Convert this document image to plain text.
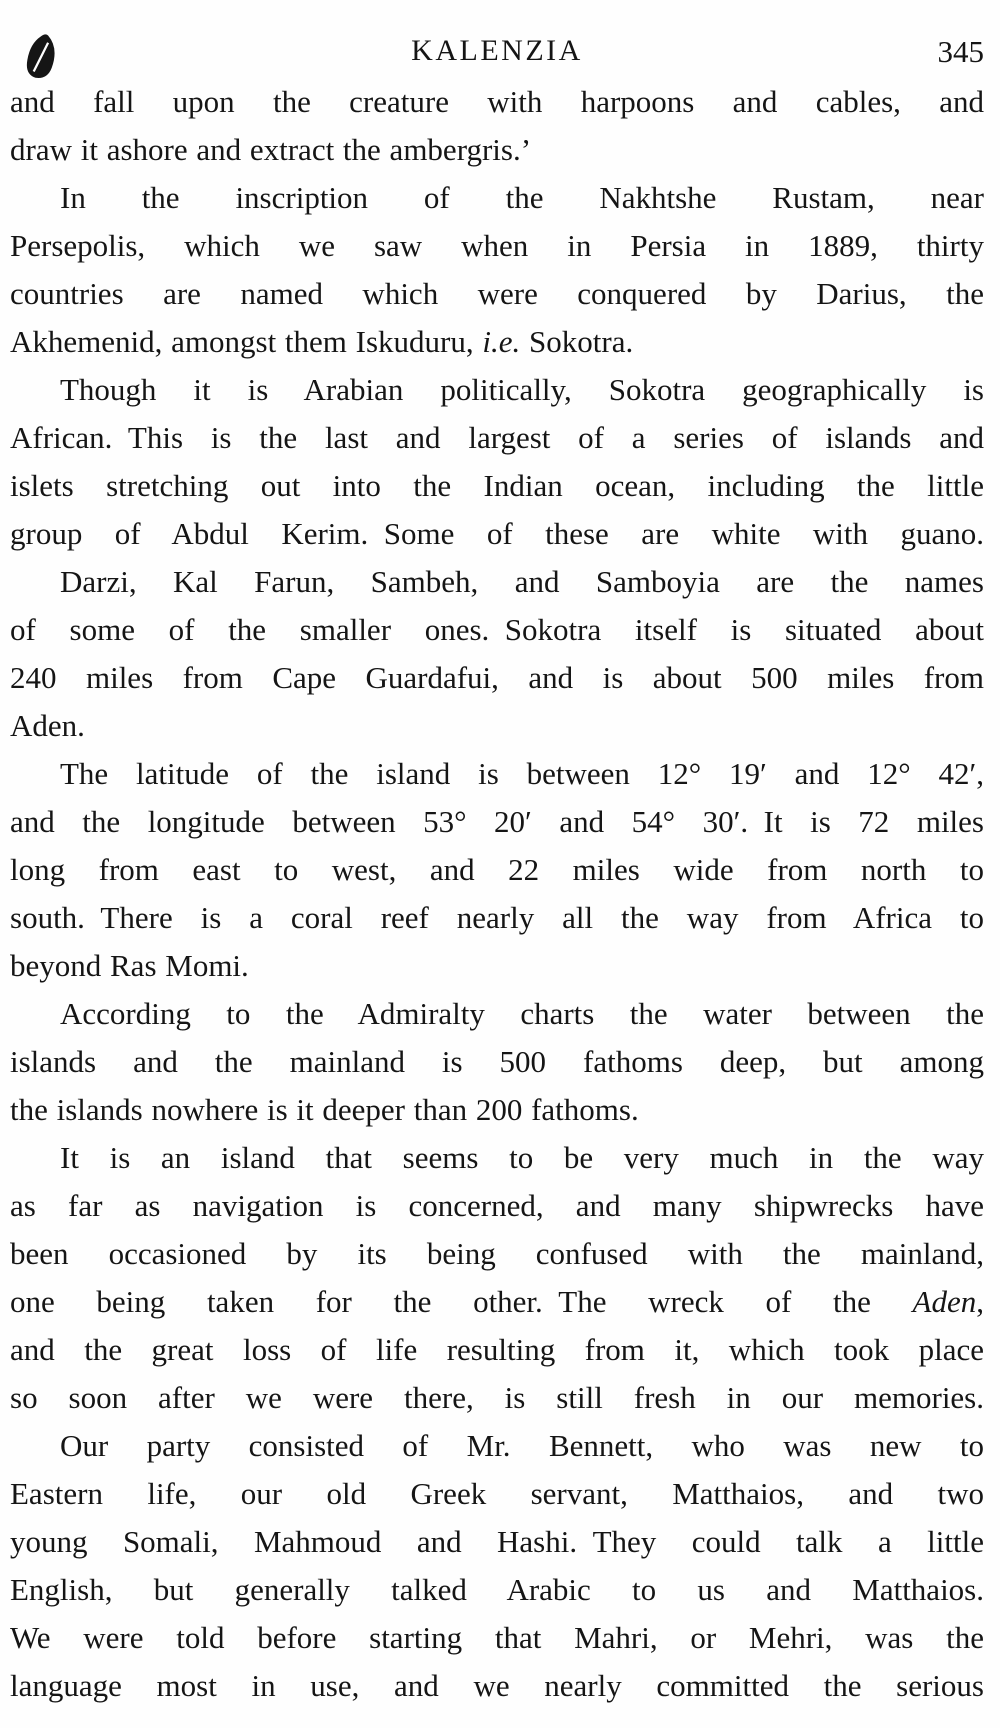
KALENZIA	345
and fall upon the creature with harpoons and cables, and
draw it ashore and extract the ambergris.’
In the inscription of the Nakhtshe Rustam, near
Persepolis, which we saw when in Persia in 1889, thirty
countries are named which were conquered by Darius, the
Akhemenid, amongst them Iskuduru, i.e. Sokotra.
Though it is Arabian politically, Sokotra geographically is
African. This is the last and largest of a series of islands and
islets stretching out into the Indian ocean, including the little
group of Abdul Kerim. Some of these are white with guano.
Darzi, Kal Farun, Sambeh, and Samboyia are the names
of some of the smaller ones. Sokotra itself is situated about
240 miles from Cape Guardafui, and is about 500 miles from
Aden.
The latitude of the island is between 12° 19′ and 12° 42′,
and the longitude between 53° 20′ and 54° 30′. It is 72 miles
long from east to west, and 22 miles wide from north to
south. There is a coral reef nearly all the way from Africa to
beyond Ras Momi.
According to the Admiralty charts the water between the
islands and the mainland is 500 fathoms deep, but among
the islands nowhere is it deeper than 200 fathoms.
It is an island that seems to be very much in the way
as far as navigation is concerned, and many shipwrecks have
been occasioned by its being confused with the mainland,
one being taken for the other. The wreck of the Aden,
and the great loss of life resulting from it, which took place
so soon after we were there, is still fresh in our memories.
Our party consisted of Mr. Bennett, who was new to
Eastern life, our old Greek servant, Matthaios, and two
young Somali, Mahmoud and Hashi. They could talk a little
English, but generally talked Arabic to us and Matthaios.
We were told before starting that Mahri, or Mehri, was the
language most in use, and we nearly committed the serious
